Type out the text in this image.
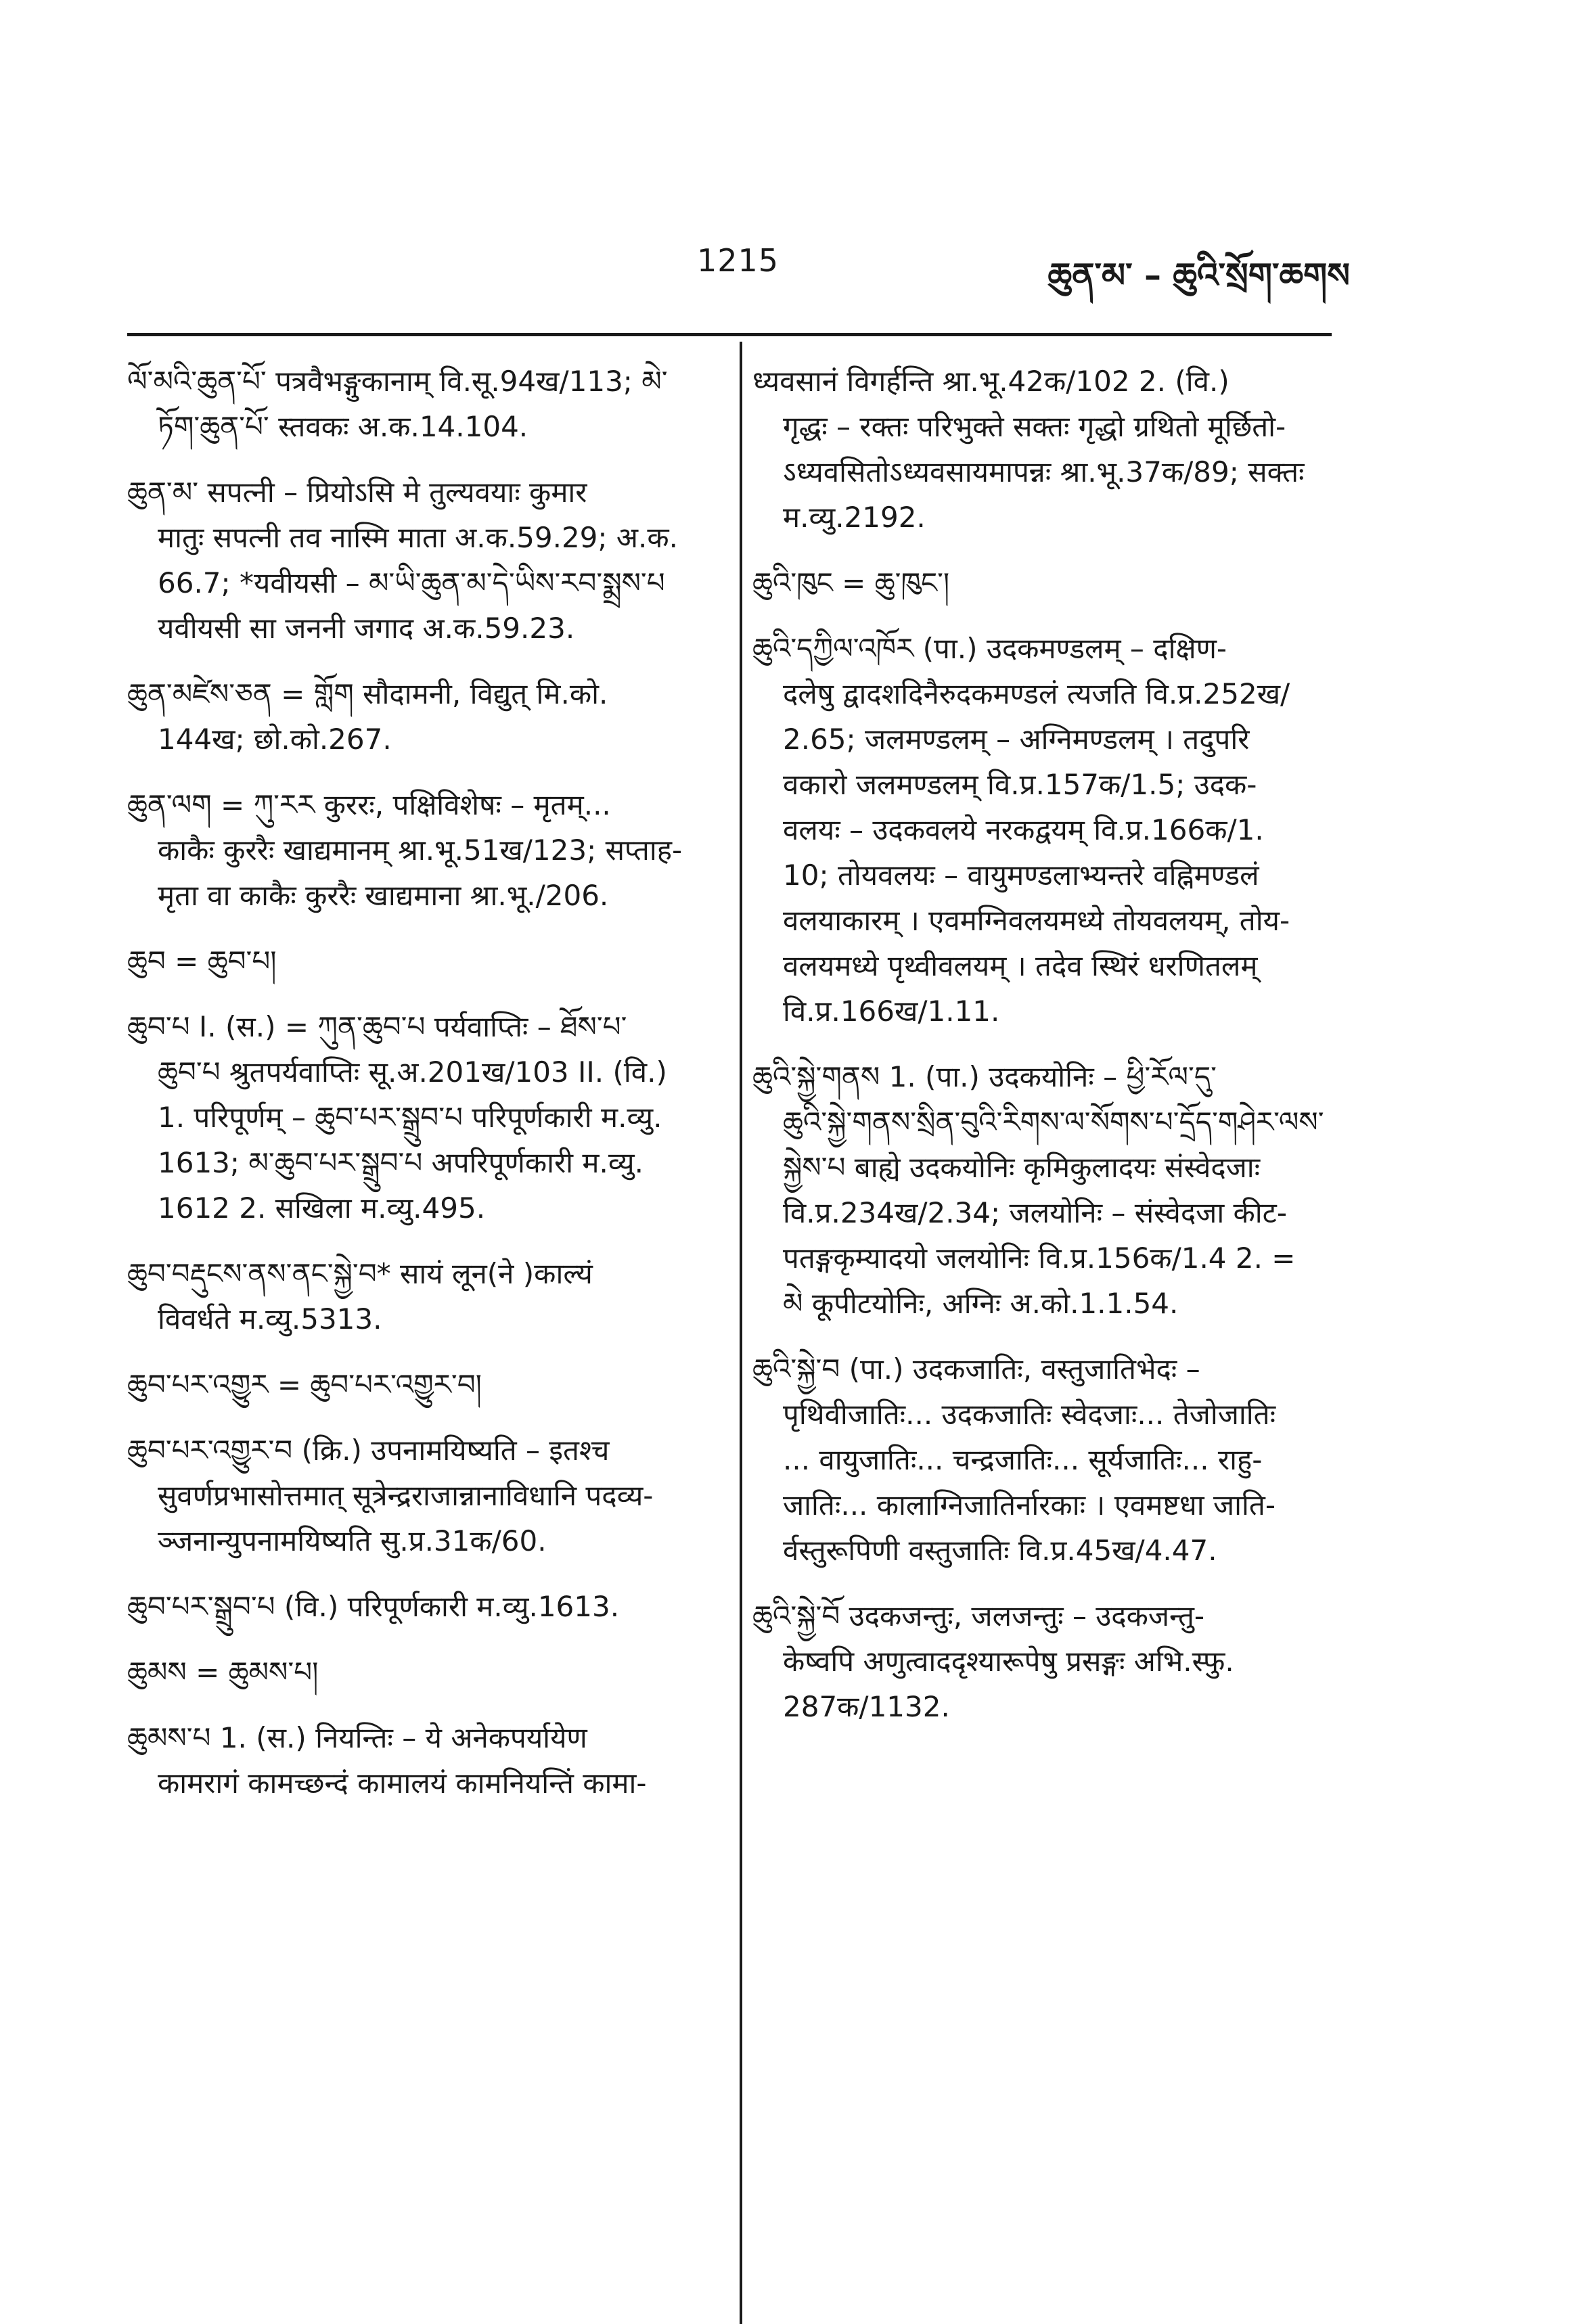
1215	ཆུན་མ་ – ཆུའི་སྲོག་ཆགས
ལོ་མའི་ཆུན་པོ་ पत्रवैभङ्गुकानाम् वि.सू.94ख/113; མེ་
ཏོག་ཆུན་པོ་ स्तवकः अ.क.14.104.
ཆུན་མ་ सपत्नी – प्रियोऽसि मे तुल्यवयाः कुमार
मातुः सपत्नी तव नास्मि माता अ.क.59.29; अ.क.
66.7; *यवीयसी – མ་ཡི་ཆུན་མ་དེ་ཡིས་རབ་སྨྲས་པ
यवीयसी सा जननी जगाद अ.क.59.23.
ཆུན་མཛེས་ཅན = གློག सौदामनी, विद्युत् मि.को.
144ख; छो.को.267.
ཆུན་ལག = ཀུ་རར कुररः, पक्षिविशेषः – मृतम्...
काकैः कुररैः खाद्यमानम् श्रा.भू.51ख/123; सप्ताह-
मृता वा काकैः कुररैः खाद्यमाना श्रा.भू./206.
ཆུབ = ཆུབ་པ།
ཆུབ་པ I. (स.) = ཀུན་ཆུབ་པ पर्यवाप्तिः – ཐོས་པ་
ཆུབ་པ श्रुतपर्यवाप्तिः सू.अ.201ख/103 II. (वि.)
1. परिपूर्णम् – ཆུབ་པར་སྒྲུབ་པ परिपूर्णकारी म.व्यु.
1613; མ་ཆུབ་པར་སྒྲུབ་པ अपरिपूर्णकारी म.व्यु.
1612 2. सखिला म.व्यु.495.
ཆུབ་བརྡུངས་ནས་ནང་སྐྱེ་བ* सायं लून(ने )काल्यं
विवर्धते म.व्यु.5313.
ཆུབ་པར་འགྱུར = ཆུབ་པར་འགྱུར་བ།
ཆུབ་པར་འགྱུར་བ (क्रि.) उपनामयिष्यति – इतश्च
सुवर्णप्रभासोत्तमात् सूत्रेन्द्रराजान्नानाविधानि पदव्य-
ञ्जनान्युपनामयिष्यति सु.प्र.31क/60.
ཆུབ་པར་སྒྲུབ་པ (वि.) परिपूर्णकारी म.व्यु.1613.
ཆུམས = ཆུམས་པ།
ཆུམས་པ 1. (स.) नियन्तिः – ये अनेकपर्यायेण
कामरागं कामच्छन्दं कामालयं कामनियन्तिं कामा-
ध्यवसानं विगर्हन्ति श्रा.भू.42क/102 2. (वि.)
गृद्धः – रक्तः परिभुक्ते सक्तः गृद्धो ग्रथितो मूर्छितो-
ऽध्यवसितोऽध्यवसायमापन्नः श्रा.भू.37क/89; सक्तः
म.व्यु.2192.
ཆུའི་ཁུང = ཆུ་ཁུང་།
ཆུའི་དཀྱིལ་འཁོར (पा.) उदकमण्डलम् – दक्षिण-
दलेषु द्वादशदिनैरुदकमण्डलं त्यजति वि.प्र.252ख/
2.65; जलमण्डलम् – अग्निमण्डलम् । तदुपरि
वकारो जलमण्डलम् वि.प्र.157क/1.5; उदक-
वलयः – उदकवलये नरकद्वयम् वि.प्र.166क/1.
10; तोयवलयः – वायुमण्डलाभ्यन्तरे वह्निमण्डलं
वलयाकारम् । एवमग्निवलयमध्ये तोयवलयम्, तोय-
वलयमध्ये पृथ्वीवलयम् । तदेव स्थिरं धरणितलम्
वि.प्र.166ख/1.11.
ཆུའི་སྐྱེ་གནས 1. (पा.) उदकयोनिः – ཕྱི་རོལ་དུ་
ཆུའི་སྐྱེ་གནས་སྲིན་བུའི་རིགས་ལ་སོགས་པ་དྲོད་གཤེར་ལས་
སྐྱེས་པ बाह्ये उदकयोनिः कृमिकुलादयः संस्वेदजाः
वि.प्र.234ख/2.34; जलयोनिः – संस्वेदजा कीट-
पतङ्गकृम्यादयो जलयोनिः वि.प्र.156क/1.4 2. =
མེ कूपीटयोनिः, अग्निः अ.को.1.1.54.
ཆུའི་སྐྱེ་བ (पा.) उदकजातिः, वस्तुजातिभेदः –
पृथिवीजातिः... उदकजातिः स्वेदजाः... तेजोजातिः
... वायुजातिः... चन्द्रजातिः... सूर्यजातिः... राहु-
जातिः... कालाग्निजातिर्नारकाः । एवमष्टधा जाति-
र्वस्तुरूपिणी वस्तुजातिः वि.प्र.45ख/4.47.
ཆུའི་སྐྱེ་བོ उदकजन्तुः, जलजन्तुः – उदकजन्तु-
केष्वपि अणुत्वाददृश्यारूपेषु प्रसङ्गः अभि.स्फु.
287क/1132.
